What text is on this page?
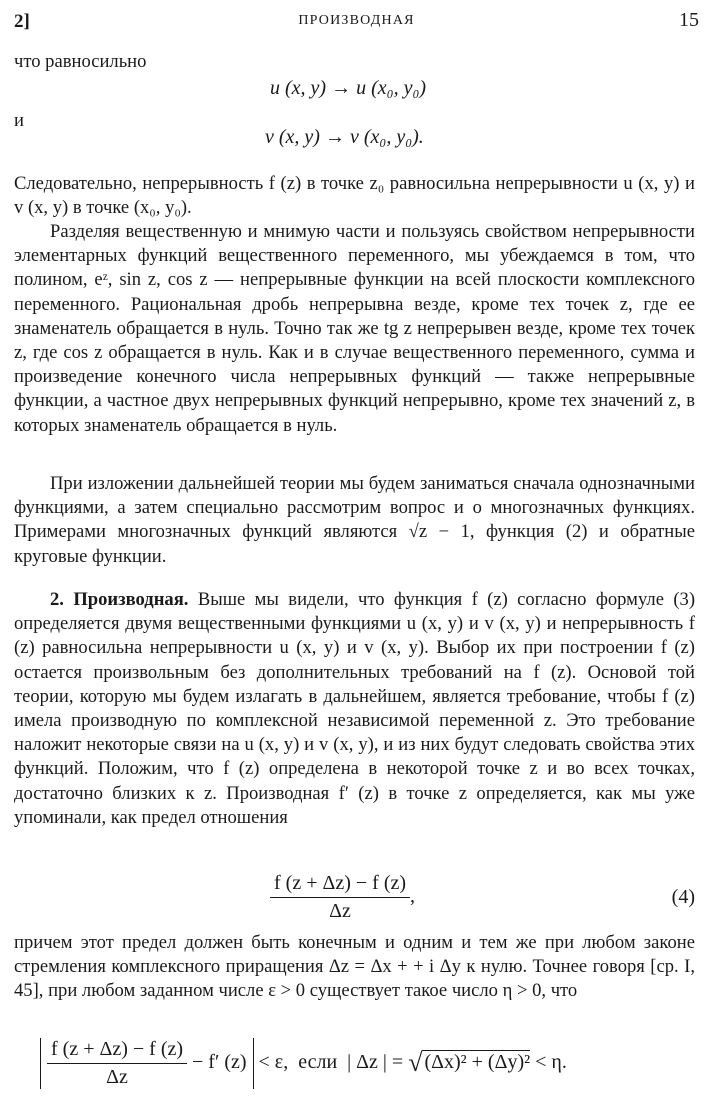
2]	ПРОИЗВОДНАЯ	15
что равносильно
u (x, y) → u (x₀, y₀)
и
v (x, y) → v (x₀, y₀).
Следовательно, непрерывность f (z) в точке z₀ равносильна непрерывности u (x, y) и v (x, y) в точке (x₀, y₀).
Разделяя вещественную и мнимую части и пользуясь свойством непрерывности элементарных функций вещественного переменного, мы убеждаемся в том, что полином, eᶻ, sin z, cos z — непрерывные функции на всей плоскости комплексного переменного. Рациональная дробь непрерывна везде, кроме тех точек z, где ее знаменатель обращается в нуль. Точно так же tg z непрерывен везде, кроме тех точек z, где cos z обращается в нуль. Как и в случае вещественного переменного, сумма и произведение конечного числа непрерывных функций — также непрерывные функции, а частное двух непрерывных функций непрерывно, кроме тех значений z, в которых знаменатель обращается в нуль.
При изложении дальнейшей теории мы будем заниматься сначала однозначными функциями, а затем специально рассмотрим вопрос и о многозначных функциях. Примерами многозначных функций являются √z − 1, функция (2) и обратные круговые функции.
2. Производная. Выше мы видели, что функция f (z) согласно формуле (3) определяется двумя вещественными функциями u (x, y) и v (x, y) и непрерывность f (z) равносильна непрерывности u (x, y) и v (x, y). Выбор их при построении f (z) остается произвольным без дополнительных требований на f (z). Основой той теории, которую мы будем излагать в дальнейшем, является требование, чтобы f (z) имела производную по комплексной независимой переменной z. Это требование наложит некоторые связи на u (x, y) и v (x, y), и из них будут следовать свойства этих функций. Положим, что f (z) определена в некоторой точке z и во всех точках, достаточно близких к z. Производная f′ (z) в точке z определяется, как мы уже упоминали, как предел отношения
$\frac{f (z + \Delta z) - f (z)}{\Delta z}$ ,	(4)
причем этот предел должен быть конечным и одним и тем же при любом законе стремления комплексного приращения Δz = Δx + + i Δy к нулю. Точнее говоря [ср. I, 45], при любом заданном числе ε > 0 существует такое число η > 0, что
$\frac{f (z + \Delta z) - f (z)}{\Delta z} - f'$ (z) < ε, если | Δz | = √ (Δx)² + (Δy)² < η.
